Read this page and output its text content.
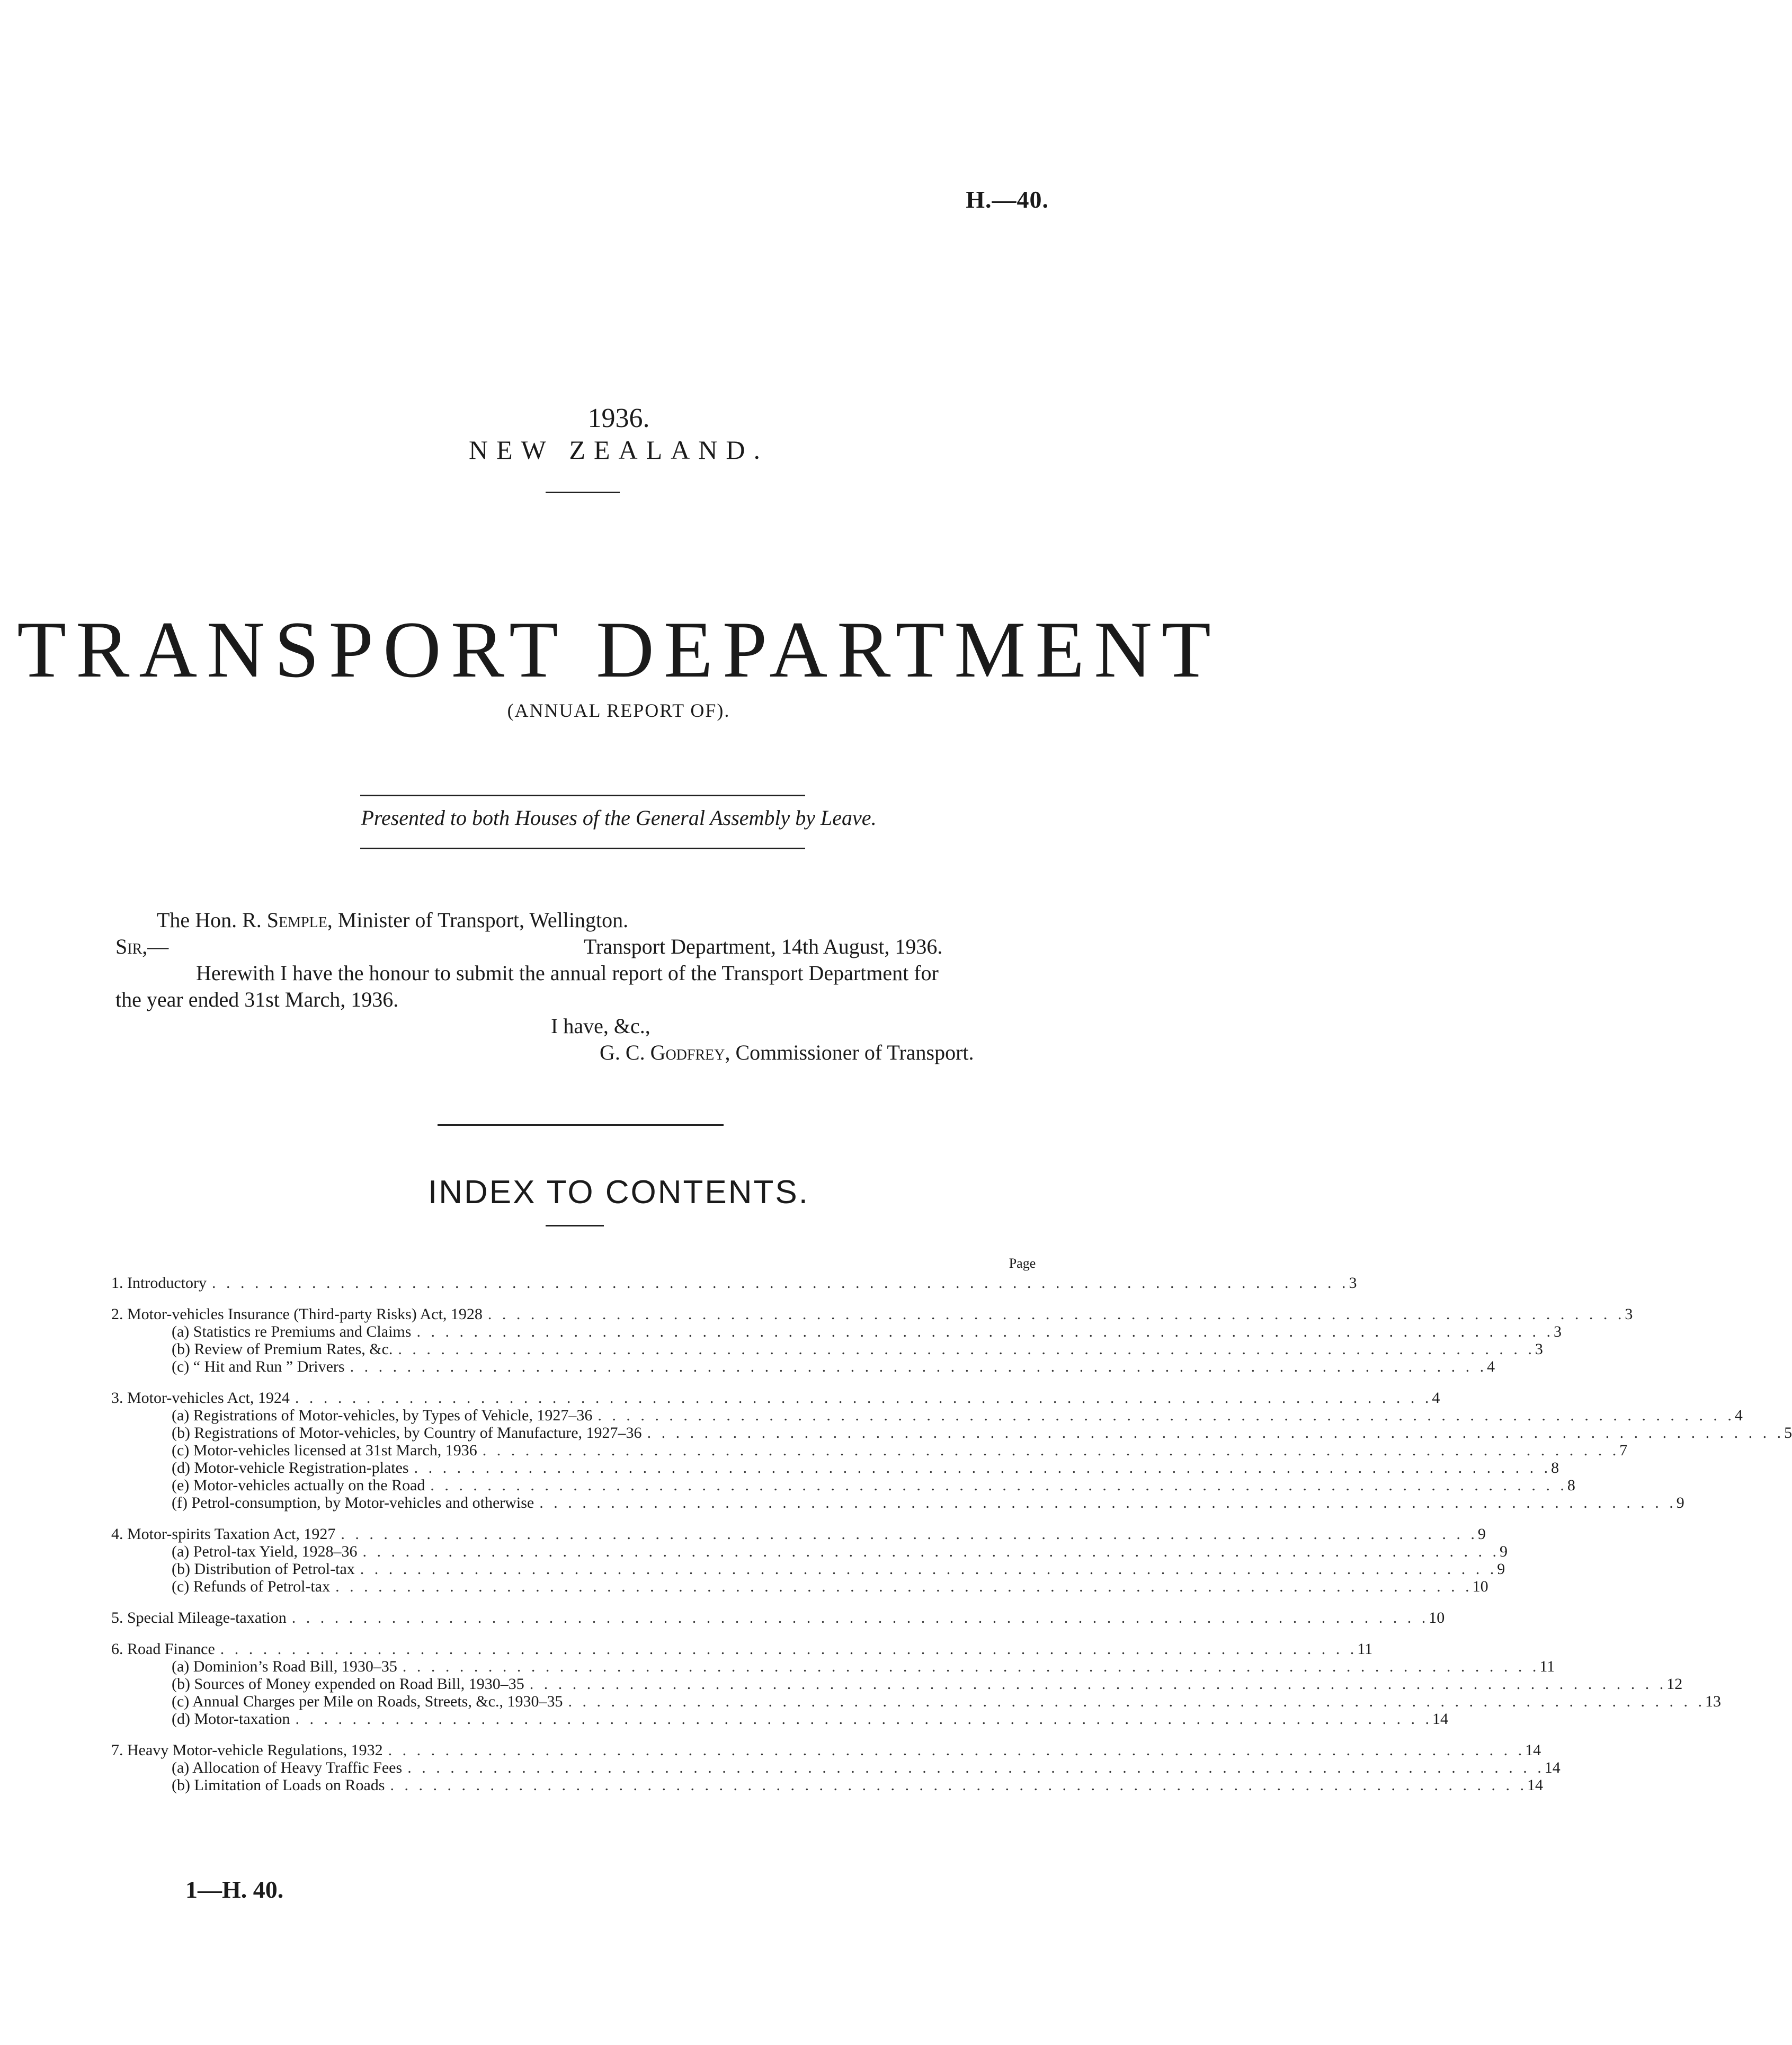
H.—40.
1936.
NEW ZEALAND.
TRANSPORT DEPARTMENT
(ANNUAL REPORT OF).
Presented to both Houses of the General Assembly by Leave.
The Hon. R. Semple, Minister of Transport, Wellington.
Sir,—	Transport Department, 14th August, 1936.
Herewith I have the honour to submit the annual report of the Transport Department for
the year ended 31st March, 1936.
I have, &c.,
G. C. Godfrey, Commissioner of Transport.
INDEX TO CONTENTS.
Page
1. Introductory . . . . . . . . . . . . . . . . . . . . . . . . . . . . . . . . . . . . . . . . . . . . . . . . . . . . . . . . . . . . . . . . . . . . . . . . . . . . . . . . 3
2. Motor-vehicles Insurance (Third-party Risks) Act, 1928 . . . . . . . . . . . . . . . . . . . . . . . . . . . . . . . . . . . . . . . . . . . . . . . . . . . . . . . . . . . . . . . . . . . . . . . . . . . . . . . . 3
(a) Statistics re Premiums and Claims . . . . . . . . . . . . . . . . . . . . . . . . . . . . . . . . . . . . . . . . . . . . . . . . . . . . . . . . . . . . . . . . . . . . . . . . . . . . . . . . 3
(b) Review of Premium Rates, &c. . . . . . . . . . . . . . . . . . . . . . . . . . . . . . . . . . . . . . . . . . . . . . . . . . . . . . . . . . . . . . . . . . . . . . . . . . . . . . . . . 3
(c) “ Hit and Run ” Drivers . . . . . . . . . . . . . . . . . . . . . . . . . . . . . . . . . . . . . . . . . . . . . . . . . . . . . . . . . . . . . . . . . . . . . . . . . . . . . . . . 4
3. Motor-vehicles Act, 1924 . . . . . . . . . . . . . . . . . . . . . . . . . . . . . . . . . . . . . . . . . . . . . . . . . . . . . . . . . . . . . . . . . . . . . . . . . . . . . . . . 4
(a) Registrations of Motor-vehicles, by Types of Vehicle, 1927–36 . . . . . . . . . . . . . . . . . . . . . . . . . . . . . . . . . . . . . . . . . . . . . . . . . . . . . . . . . . . . . . . . . . . . . . . . . . . . . . . . 4
(b) Registrations of Motor-vehicles, by Country of Manufacture, 1927–36 . . . . . . . . . . . . . . . . . . . . . . . . . . . . . . . . . . . . . . . . . . . . . . . . . . . . . . . . . . . . . . . . . . . . . . . . . . . . . . . . 5
(c) Motor-vehicles licensed at 31st March, 1936 . . . . . . . . . . . . . . . . . . . . . . . . . . . . . . . . . . . . . . . . . . . . . . . . . . . . . . . . . . . . . . . . . . . . . . . . . . . . . . . . 7
(d) Motor-vehicle Registration-plates . . . . . . . . . . . . . . . . . . . . . . . . . . . . . . . . . . . . . . . . . . . . . . . . . . . . . . . . . . . . . . . . . . . . . . . . . . . . . . . . 8
(e) Motor-vehicles actually on the Road . . . . . . . . . . . . . . . . . . . . . . . . . . . . . . . . . . . . . . . . . . . . . . . . . . . . . . . . . . . . . . . . . . . . . . . . . . . . . . . . 8
(f) Petrol-consumption, by Motor-vehicles and otherwise . . . . . . . . . . . . . . . . . . . . . . . . . . . . . . . . . . . . . . . . . . . . . . . . . . . . . . . . . . . . . . . . . . . . . . . . . . . . . . . . 9
4. Motor-spirits Taxation Act, 1927 . . . . . . . . . . . . . . . . . . . . . . . . . . . . . . . . . . . . . . . . . . . . . . . . . . . . . . . . . . . . . . . . . . . . . . . . . . . . . . . . 9
(a) Petrol-tax Yield, 1928–36 . . . . . . . . . . . . . . . . . . . . . . . . . . . . . . . . . . . . . . . . . . . . . . . . . . . . . . . . . . . . . . . . . . . . . . . . . . . . . . . . 9
(b) Distribution of Petrol-tax . . . . . . . . . . . . . . . . . . . . . . . . . . . . . . . . . . . . . . . . . . . . . . . . . . . . . . . . . . . . . . . . . . . . . . . . . . . . . . . . 9
(c) Refunds of Petrol-tax . . . . . . . . . . . . . . . . . . . . . . . . . . . . . . . . . . . . . . . . . . . . . . . . . . . . . . . . . . . . . . . . . . . . . . . . . . . . . . . . 10
5. Special Mileage-taxation . . . . . . . . . . . . . . . . . . . . . . . . . . . . . . . . . . . . . . . . . . . . . . . . . . . . . . . . . . . . . . . . . . . . . . . . . . . . . . . . 10
6. Road Finance . . . . . . . . . . . . . . . . . . . . . . . . . . . . . . . . . . . . . . . . . . . . . . . . . . . . . . . . . . . . . . . . . . . . . . . . . . . . . . . . 11
(a) Dominion’s Road Bill, 1930–35 . . . . . . . . . . . . . . . . . . . . . . . . . . . . . . . . . . . . . . . . . . . . . . . . . . . . . . . . . . . . . . . . . . . . . . . . . . . . . . . . 11
(b) Sources of Money expended on Road Bill, 1930–35 . . . . . . . . . . . . . . . . . . . . . . . . . . . . . . . . . . . . . . . . . . . . . . . . . . . . . . . . . . . . . . . . . . . . . . . . . . . . . . . . 12
(c) Annual Charges per Mile on Roads, Streets, &c., 1930–35 . . . . . . . . . . . . . . . . . . . . . . . . . . . . . . . . . . . . . . . . . . . . . . . . . . . . . . . . . . . . . . . . . . . . . . . . . . . . . . . . 13
(d) Motor-taxation . . . . . . . . . . . . . . . . . . . . . . . . . . . . . . . . . . . . . . . . . . . . . . . . . . . . . . . . . . . . . . . . . . . . . . . . . . . . . . . . 14
7. Heavy Motor-vehicle Regulations, 1932 . . . . . . . . . . . . . . . . . . . . . . . . . . . . . . . . . . . . . . . . . . . . . . . . . . . . . . . . . . . . . . . . . . . . . . . . . . . . . . . . 14
(a) Allocation of Heavy Traffic Fees . . . . . . . . . . . . . . . . . . . . . . . . . . . . . . . . . . . . . . . . . . . . . . . . . . . . . . . . . . . . . . . . . . . . . . . . . . . . . . . . 14
(b) Limitation of Loads on Roads . . . . . . . . . . . . . . . . . . . . . . . . . . . . . . . . . . . . . . . . . . . . . . . . . . . . . . . . . . . . . . . . . . . . . . . . . . . . . . . . 14
1—H. 40.
